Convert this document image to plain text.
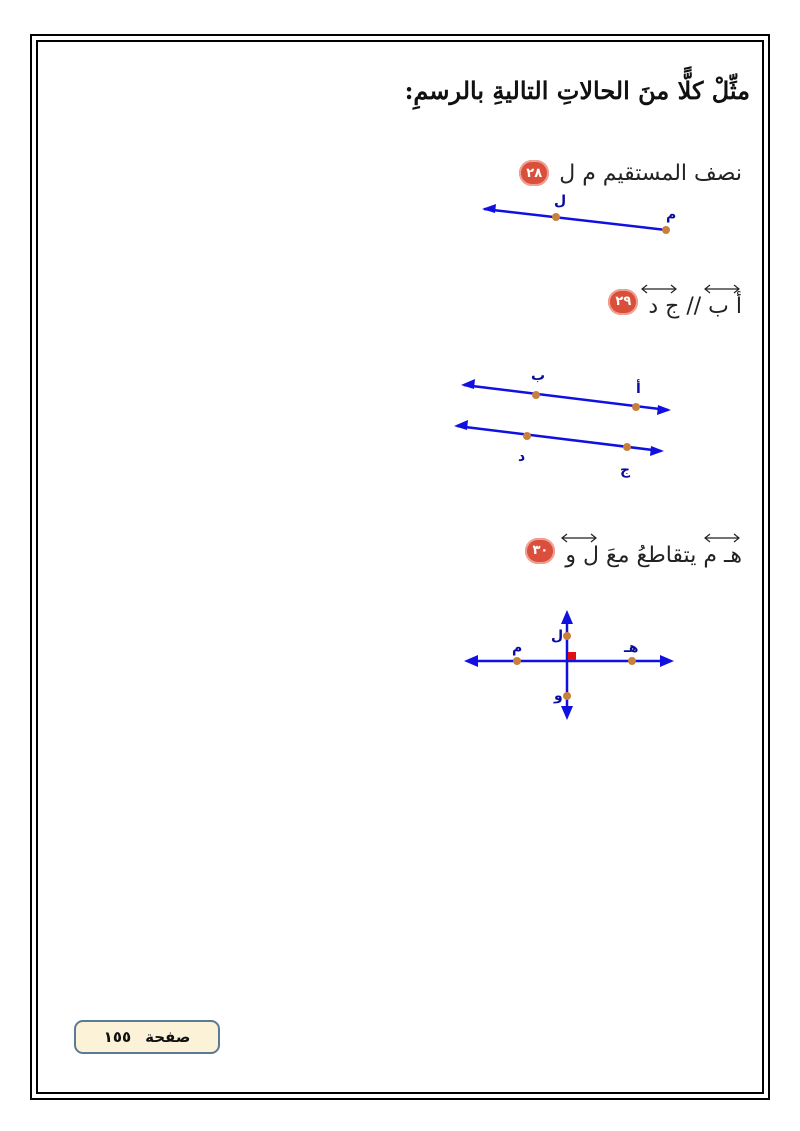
مثِّلْ كلًّا منَ الحالاتِ التاليةِ بالرسمِ:
٢٨ نصف المستقيم م ل
ل
م
٢٩	أ ب //
ج د
ب
أ
د
ج
٣٠	هـ م يتقاطعُ معَ
ل و
م	هـ
ل
و
صفحة
١٥٥
